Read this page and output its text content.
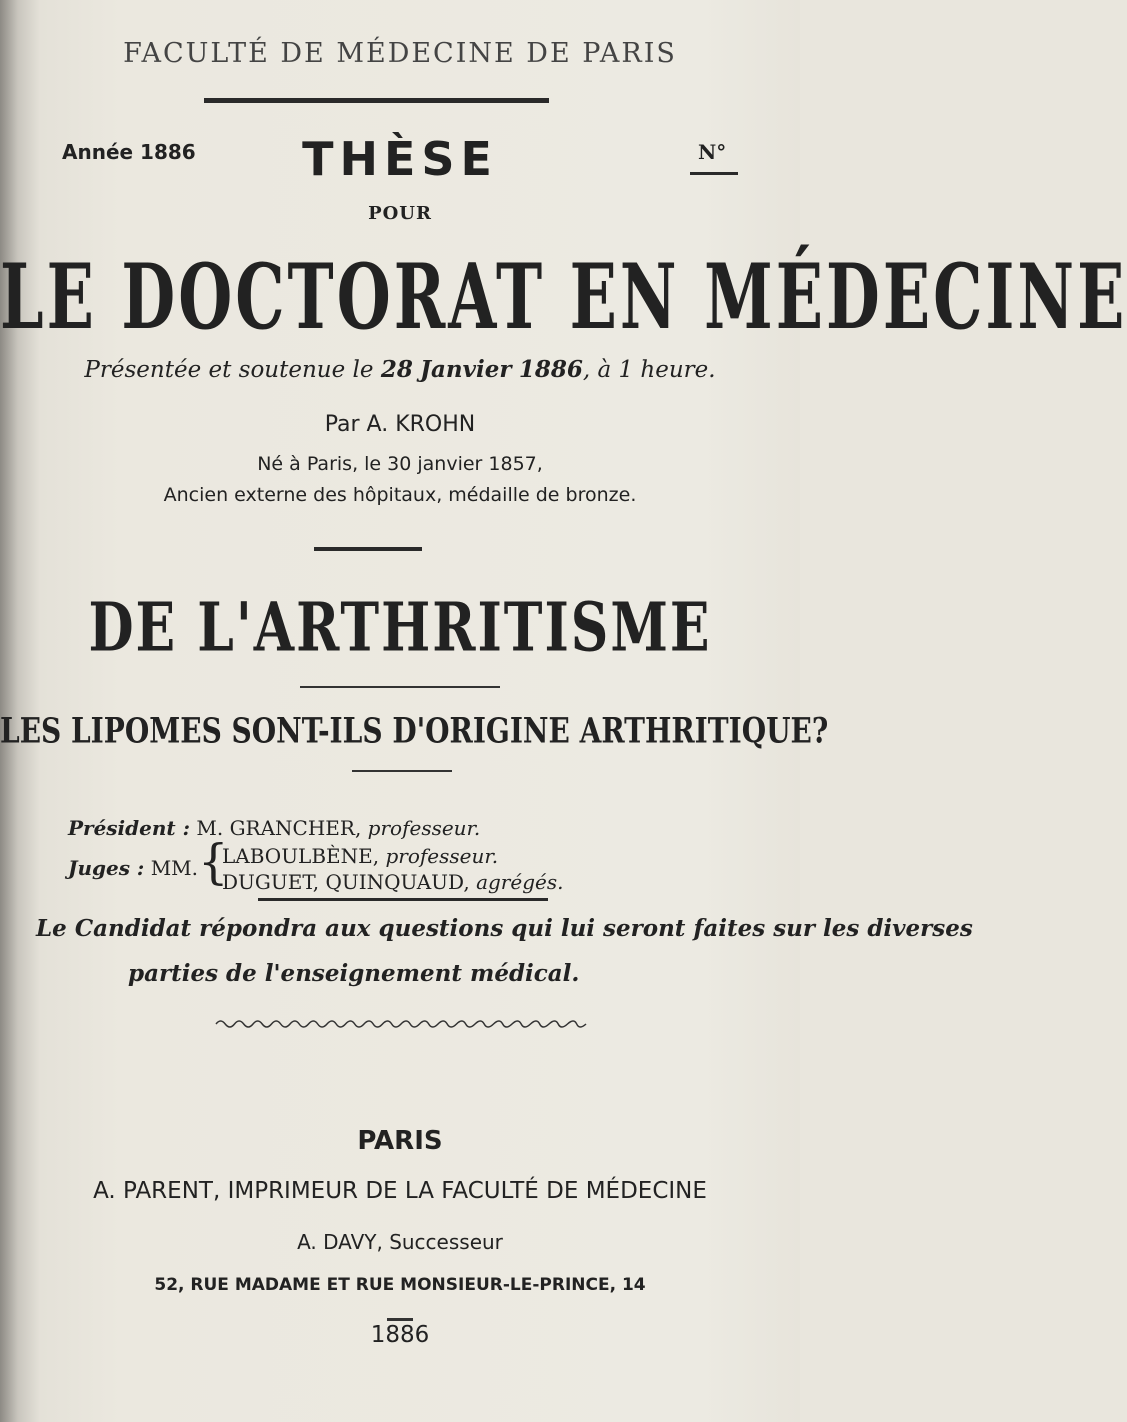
FACULTÉ DE MÉDECINE DE PARIS
Année 1886	THÈSE	N°
POUR
LE DOCTORAT EN MÉDECINE
Présentée et soutenue le 28 Janvier 1886, à 1 heure.
Par A. KROHN
Né à Paris, le 30 janvier 1857,
Ancien externe des hôpitaux, médaille de bronze.
DE L'ARTHRITISME
LES LIPOMES SONT-ILS D'ORIGINE ARTHRITIQUE?
Président : M. GRANCHER, professeur.
Juges : MM. {
LABOULBÈNE, professeur.
DUGUET, QUINQUAUD, agrégés.
Le Candidat répondra aux questions qui lui seront faites sur les diverses
parties de l'enseignement médical.
PARIS
A. PARENT, IMPRIMEUR DE LA FACULTÉ DE MÉDECINE
A. DAVY, Successeur
52, RUE MADAME ET RUE MONSIEUR-LE-PRINCE, 14
1886
